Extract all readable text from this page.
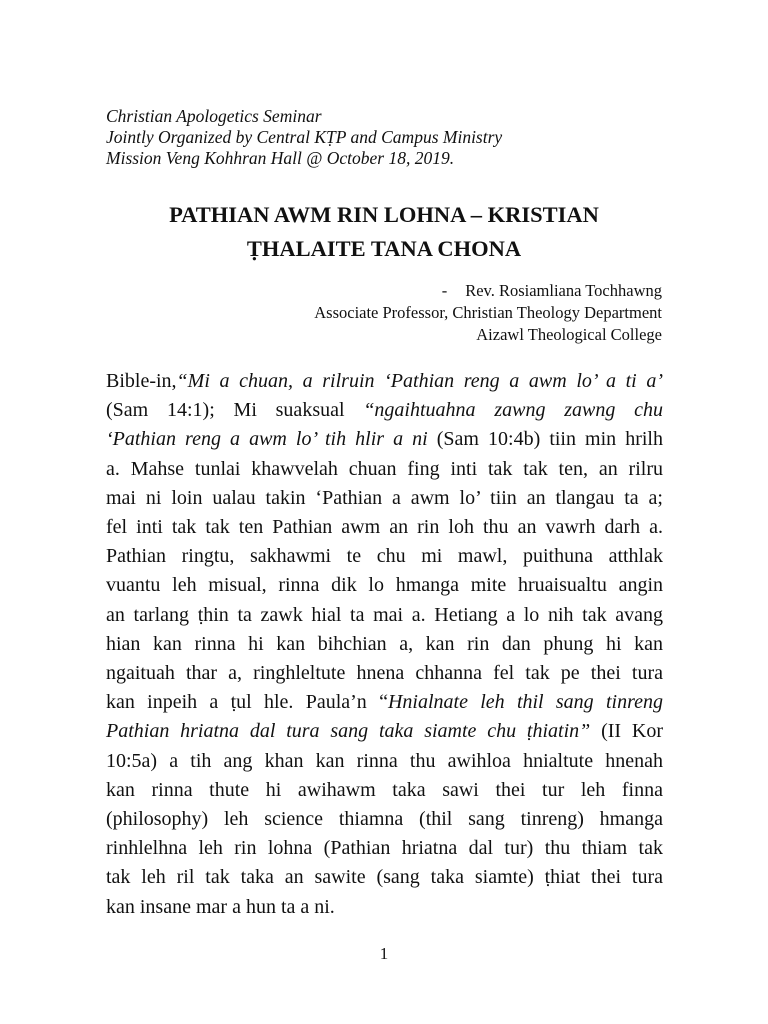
Christian Apologetics Seminar
Jointly Organized by Central KṬP and Campus Ministry
Mission Veng Kohhran Hall @ October 18, 2019.
PATHIAN AWM RIN LOHNA – KRISTIAN
ṬHALAITE TANA CHONA
- Rev. Rosiamliana Tochhawng
Associate Professor, Christian Theology Department
Aizawl Theological College
Bible-in,“Mi a chuan, a rilruin ‘Pathian reng a awm lo’ a ti a’
(Sam 14:1); Mi suaksual “ngaihtuahna zawng zawng chu
‘Pathian reng a awm lo’ tih hlir a ni (Sam 10:4b) tiin min hrilh
a. Mahse tunlai khawvelah chuan fing inti tak tak ten, an rilru
mai ni loin ualau takin ‘Pathian a awm lo’ tiin an tlangau ta a;
fel inti tak tak ten Pathian awm an rin loh thu an vawrh darh a.
Pathian ringtu, sakhawmi te chu mi mawl, puithuna atthlak
vuantu leh misual, rinna dik lo hmanga mite hruaisualtu angin
an tarlang ṭhin ta zawk hial ta mai a. Hetiang a lo nih tak avang
hian kan rinna hi kan bihchian a, kan rin dan phung hi kan
ngaituah thar a, ringhleltute hnena chhanna fel tak pe thei tura
kan inpeih a ṭul hle. Paula’n “Hnialnate leh thil sang tinreng
Pathian hriatna dal tura sang taka siamte chu ṭhiatin” (II Kor
10:5a) a tih ang khan kan rinna thu awihloa hnialtute hnenah
kan rinna thute hi awihawm taka sawi thei tur leh finna
(philosophy) leh science thiamna (thil sang tinreng) hmanga
rinhlelhna leh rin lohna (Pathian hriatna dal tur) thu thiam tak
tak leh ril tak taka an sawite (sang taka siamte) ṭhiat thei tura
kan insane mar a hun ta a ni.
1
